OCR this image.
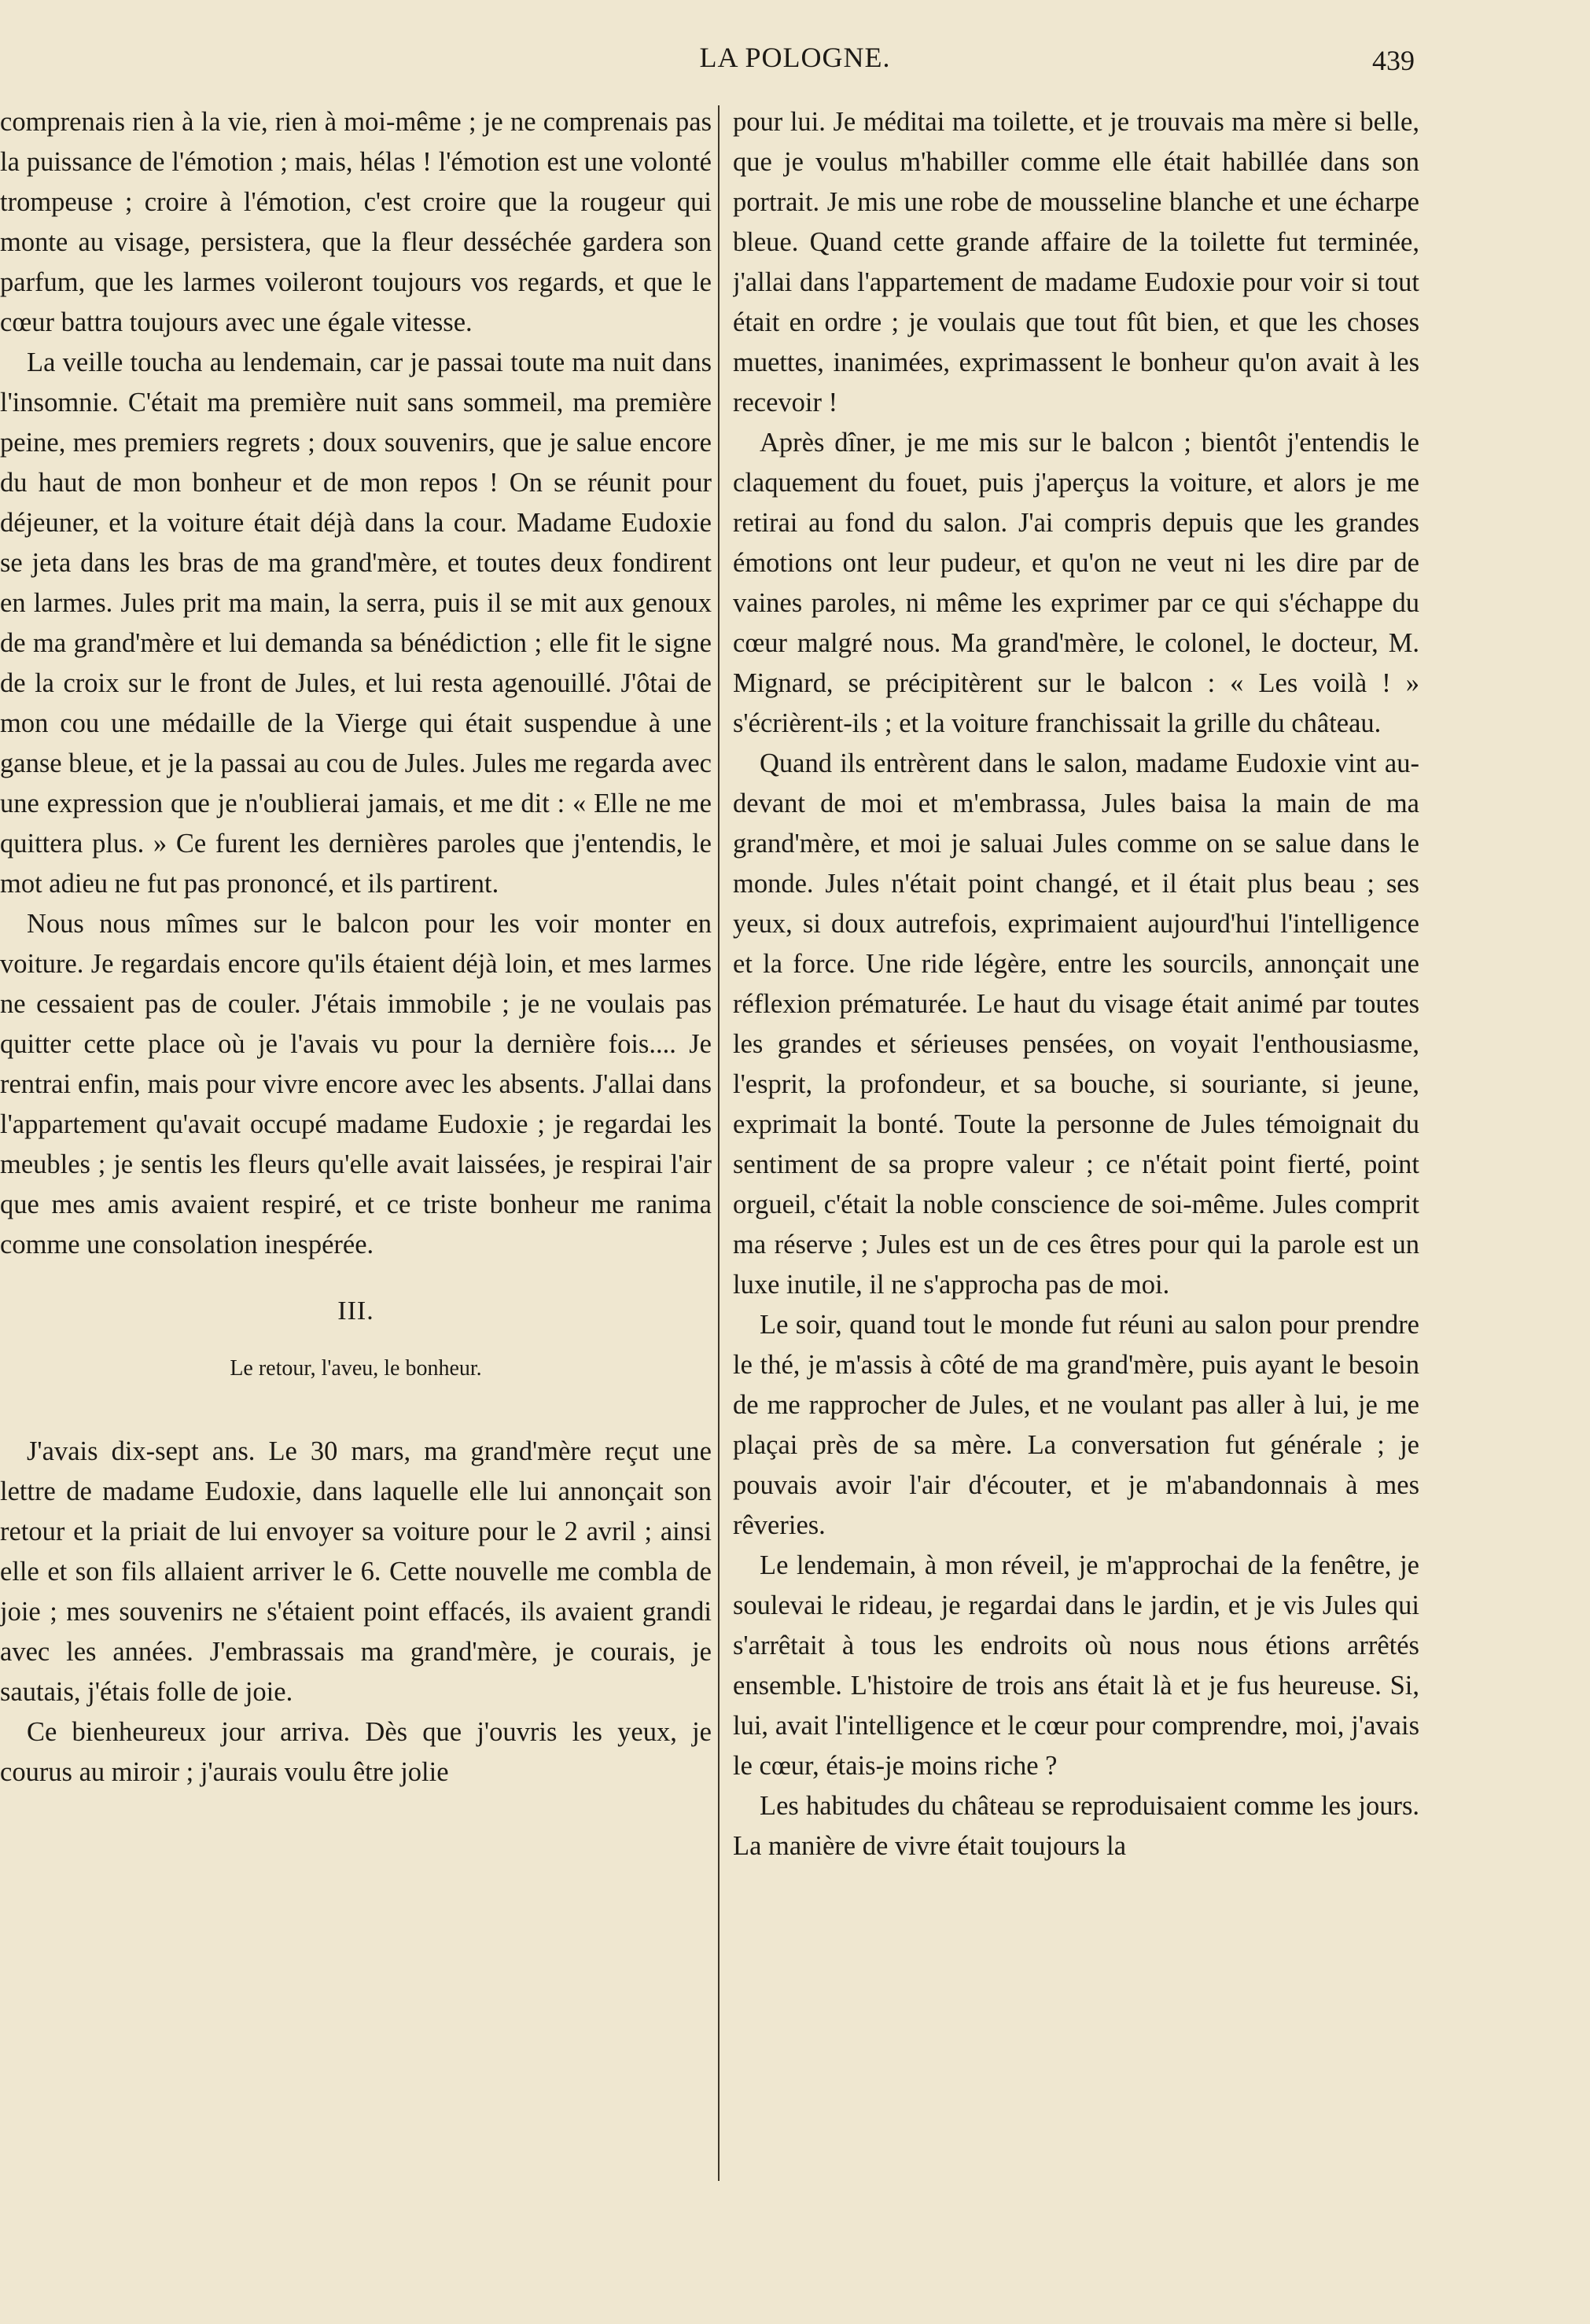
LA POLOGNE.	439

comprenais rien à la vie, rien à moi-même ; je ne comprenais pas la puissance de l'émotion ; mais, hélas ! l'émotion est une volonté trompeuse ; croire à l'émotion, c'est croire que la rougeur qui monte au visage, persistera, que la fleur desséchée gardera son parfum, que les larmes voileront toujours vos regards, et que le cœur battra toujours avec une égale vitesse.

La veille toucha au lendemain, car je passai toute ma nuit dans l'insomnie. C'était ma première nuit sans sommeil, ma première peine, mes premiers regrets ; doux souvenirs, que je salue encore du haut de mon bonheur et de mon repos ! On se réunit pour déjeuner, et la voiture était déjà dans la cour. Madame Eudoxie se jeta dans les bras de ma grand'mère, et toutes deux fondirent en larmes. Jules prit ma main, la serra, puis il se mit aux genoux de ma grand'mère et lui demanda sa bénédiction ; elle fit le signe de la croix sur le front de Jules, et lui resta agenouillé. J'ôtai de mon cou une médaille de la Vierge qui était suspendue à une ganse bleue, et je la passai au cou de Jules. Jules me regarda avec une expression que je n'oublierai jamais, et me dit : « Elle ne me quittera plus. » Ce furent les dernières paroles que j'entendis, le mot adieu ne fut pas prononcé, et ils partirent.

Nous nous mîmes sur le balcon pour les voir monter en voiture. Je regardais encore qu'ils étaient déjà loin, et mes larmes ne cessaient pas de couler. J'étais immobile ; je ne voulais pas quitter cette place où je l'avais vu pour la dernière fois.... Je rentrai enfin, mais pour vivre encore avec les absents. J'allai dans l'appartement qu'avait occupé madame Eudoxie ; je regardai les meubles ; je sentis les fleurs qu'elle avait laissées, je respirai l'air que mes amis avaient respiré, et ce triste bonheur me ranima comme une consolation inespérée.

III.
Le retour, l'aveu, le bonheur.

J'avais dix-sept ans. Le 30 mars, ma grand'mère reçut une lettre de madame Eudoxie, dans laquelle elle lui annonçait son retour et la priait de lui envoyer sa voiture pour le 2 avril ; ainsi elle et son fils allaient arriver le 6. Cette nouvelle me combla de joie ; mes souvenirs ne s'étaient point effacés, ils avaient grandi avec les années. J'embrassais ma grand'mère, je courais, je sautais, j'étais folle de joie.

Ce bienheureux jour arriva. Dès que j'ouvris les yeux, je courus au miroir ; j'aurais voulu être jolie

pour lui. Je méditai ma toilette, et je trouvais ma mère si belle, que je voulus m'habiller comme elle était habillée dans son portrait. Je mis une robe de mousseline blanche et une écharpe bleue. Quand cette grande affaire de la toilette fut terminée, j'allai dans l'appartement de madame Eudoxie pour voir si tout était en ordre ; je voulais que tout fût bien, et que les choses muettes, inanimées, exprimassent le bonheur qu'on avait à les recevoir !

Après dîner, je me mis sur le balcon ; bientôt j'entendis le claquement du fouet, puis j'aperçus la voiture, et alors je me retirai au fond du salon. J'ai compris depuis que les grandes émotions ont leur pudeur, et qu'on ne veut ni les dire par de vaines paroles, ni même les exprimer par ce qui s'échappe du cœur malgré nous. Ma grand'mère, le colonel, le docteur, M. Mignard, se précipitèrent sur le balcon : « Les voilà ! » s'écrièrent-ils ; et la voiture franchissait la grille du château.

Quand ils entrèrent dans le salon, madame Eudoxie vint au-devant de moi et m'embrassa, Jules baisa la main de ma grand'mère, et moi je saluai Jules comme on se salue dans le monde. Jules n'était point changé, et il était plus beau ; ses yeux, si doux autrefois, exprimaient aujourd'hui l'intelligence et la force. Une ride légère, entre les sourcils, annonçait une réflexion prématurée. Le haut du visage était animé par toutes les grandes et sérieuses pensées, on voyait l'enthousiasme, l'esprit, la profondeur, et sa bouche, si souriante, si jeune, exprimait la bonté. Toute la personne de Jules témoignait du sentiment de sa propre valeur ; ce n'était point fierté, point orgueil, c'était la noble conscience de soi-même. Jules comprit ma réserve ; Jules est un de ces êtres pour qui la parole est un luxe inutile, il ne s'approcha pas de moi.

Le soir, quand tout le monde fut réuni au salon pour prendre le thé, je m'assis à côté de ma grand'mère, puis ayant le besoin de me rapprocher de Jules, et ne voulant pas aller à lui, je me plaçai près de sa mère. La conversation fut générale ; je pouvais avoir l'air d'écouter, et je m'abandonnais à mes rêveries.

Le lendemain, à mon réveil, je m'approchai de la fenêtre, je soulevai le rideau, je regardai dans le jardin, et je vis Jules qui s'arrêtait à tous les endroits où nous nous étions arrêtés ensemble. L'histoire de trois ans était là et je fus heureuse. Si, lui, avait l'intelligence et le cœur pour comprendre, moi, j'avais le cœur, étais-je moins riche ?

Les habitudes du château se reproduisaient comme les jours. La manière de vivre était toujours la
